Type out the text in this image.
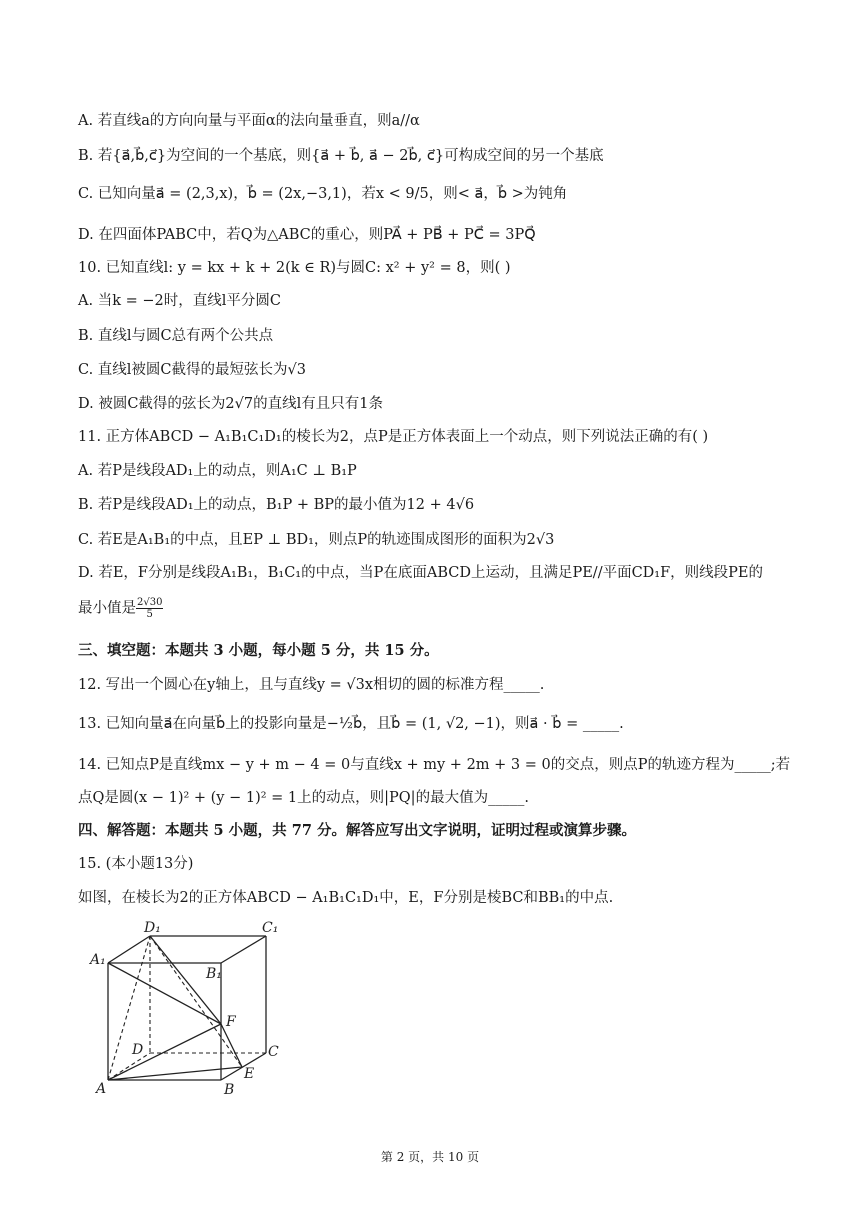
A. 若直线a的方向向量与平面α的法向量垂直，则a//α
B. 若{a⃗,b⃗,c⃗}为空间的一个基底，则{a⃗ + b⃗, a⃗ − 2b⃗, c⃗}可构成空间的另一个基底
C. 已知向量a⃗ = (2,3,x)，b⃗ = (2x,−3,1)，若x < 9/5，则< a⃗，b⃗ >为钝角
D. 在四面体PABC中，若Q为△ABC的重心，则PA⃗ + PB⃗ + PC⃗ = 3PQ⃗
10. 已知直线l: y = kx + k + 2(k ∈ R)与圆C: x² + y² = 8，则( )
A. 当k = −2时，直线l平分圆C
B. 直线l与圆C总有两个公共点
C. 直线l被圆C截得的最短弦长为√3
D. 被圆C截得的弦长为2√7的直线l有且只有1条
11. 正方体ABCD − A₁B₁C₁D₁的棱长为2，点P是正方体表面上一个动点，则下列说法正确的有( )
A. 若P是线段AD₁上的动点，则A₁C ⊥ B₁P
B. 若P是线段AD₁上的动点，B₁P + BP的最小值为12 + 4√6
C. 若E是A₁B₁的中点，且EP ⊥ BD₁，则点P的轨迹围成图形的面积为2√3
D. 若E，F分别是线段A₁B₁，B₁C₁的中点，当P在底面ABCD上运动，且满足PE//平面CD₁F，则线段PE的
最小值是 $\frac{2√30}{5}$
三、填空题：本题共 3 小题，每小题 5 分，共 15 分。
12. 写出一个圆心在y轴上，且与直线y = √3x相切的圆的标准方程_____.
13. 已知向量a⃗在向量b⃗上的投影向量是−½b⃗，且b⃗ = (1, √2, −1)，则a⃗ · b⃗ = _____.
14. 已知点P是直线mx − y + m − 4 = 0与直线x + my + 2m + 3 = 0的交点，则点P的轨迹方程为_____;若
点Q是圆(x − 1)² + (y − 1)² = 1上的动点，则|PQ|的最大值为_____.
四、解答题：本题共 5 小题，共 77 分。解答应写出文字说明，证明过程或演算步骤。
15. (本小题13分)
如图，在棱长为2的正方体ABCD − A₁B₁C₁D₁中，E，F分别是棱BC和BB₁的中点.
D₁	C₁
A₁
B₁
F
D	C
E
A	B
第 2 页，共 10 页
